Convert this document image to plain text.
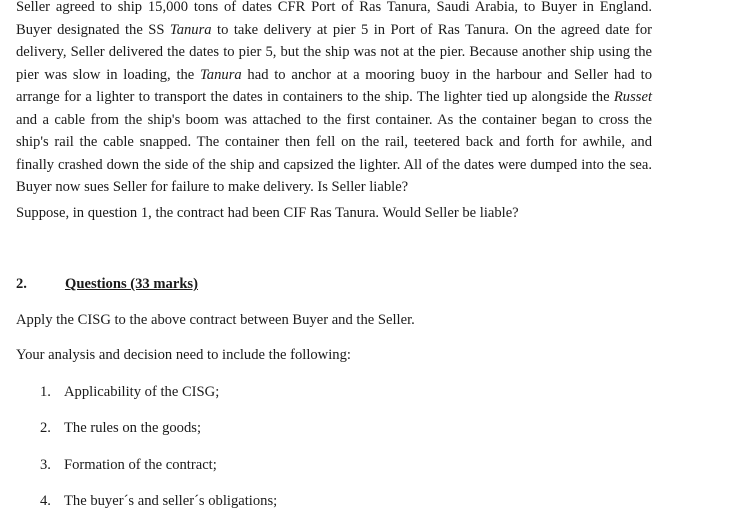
Seller agreed to ship 15,000 tons of dates CFR Port of Ras Tanura, Saudi Arabia, to Buyer in England. Buyer designated the SS Tanura to take delivery at pier 5 in Port of Ras Tanura. On the agreed date for delivery, Seller delivered the dates to pier 5, but the ship was not at the pier. Because another ship using the pier was slow in loading, the Tanura had to anchor at a mooring buoy in the harbour and Seller had to arrange for a lighter to transport the dates in containers to the ship. The lighter tied up alongside the Russet and a cable from the ship's boom was attached to the first container. As the container began to cross the ship's rail the cable snapped. The container then fell on the rail, teetered back and forth for awhile, and finally crashed down the side of the ship and capsized the lighter. All of the dates were dumped into the sea. Buyer now sues Seller for failure to make delivery. Is Seller liable?

Suppose, in question 1, the contract had been CIF Ras Tanura. Would Seller be liable?

2.	Questions (33 marks)

Apply the CISG to the above contract between Buyer and the Seller.

Your analysis and decision need to include the following:

1. Applicability of the CISG;

2. The rules on the goods;

3. Formation of the contract;

4. The buyer´s and seller´s obligations;
